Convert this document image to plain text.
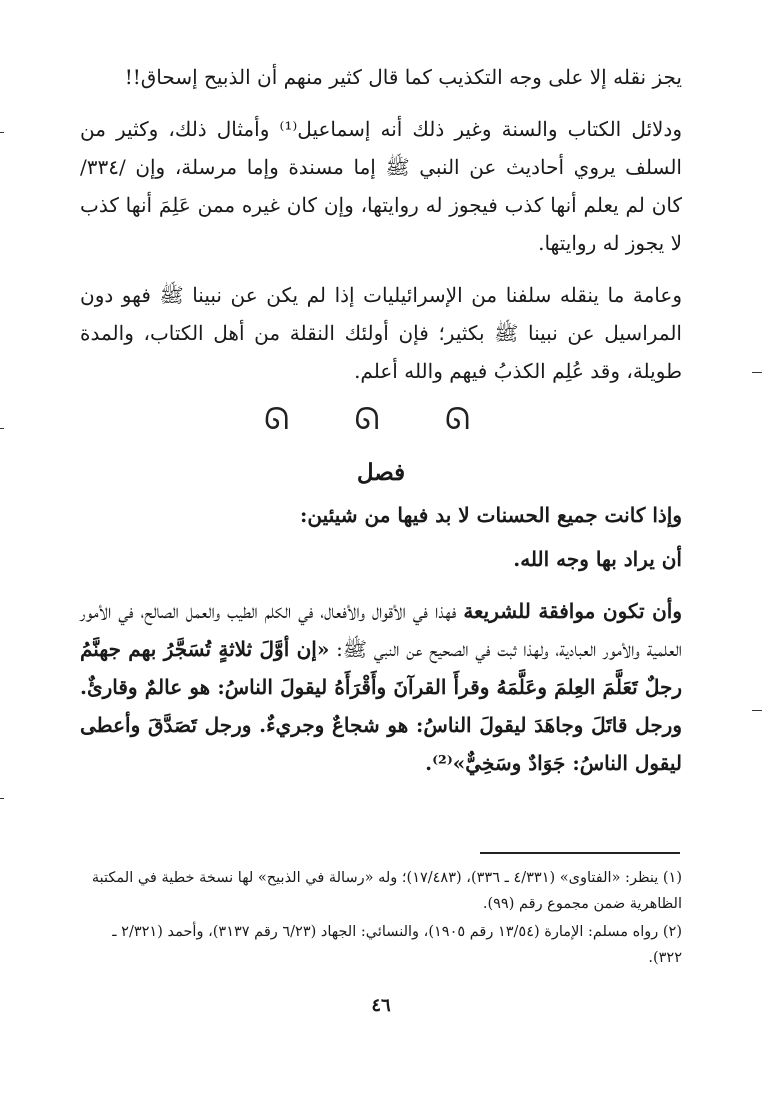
يجز نقله إلا على وجه التكذيب كما قال كثير منهم أن الذبيح إسحاق!!

ودلائل الكتاب والسنة وغير ذلك أنه إسماعيل⁽¹⁾ وأمثال ذلك، وكثير من السلف يروي أحاديث عن النبي ﷺ إما مسندة وإما مرسلة، وإن /٣٣٤/ كان لم يعلم أنها كذب فيجوز له روايتها، وإن كان غيره ممن عَلِمَ أنها كذب لا يجوز له روايتها.

وعامة ما ينقله سلفنا من الإسرائيليات إذا لم يكن عن نبينا ﷺ فهو دون المراسيل عن نبينا ﷺ بكثير؛ فإن أولئك النقلة من أهل الكتاب، والمدة طويلة، وقد عُلِم الكذبُ فيهم والله أعلم.

ᘏ ᘏ ᘏ
فصل

وإذا كانت جميع الحسنات لا بد فيها من شيئين:

أن يراد بها وجه الله.

وأن تكون موافقة للشريعة فهذا في الأقوال والأفعال، في الكلم الطيب والعمل الصالح، في الأمور العلمية والأمور العبادية، ولهذا ثبت في الصحيح عن النبي ﷺ: «إن أوَّلَ ثلاثةٍ تُسَجَّرُ بهم جهنَّمُ رجلٌ تَعَلَّمَ العِلمَ وعَلَّمَهُ وقرأَ القرآنَ وأَقْرَأَهُ ليقولَ الناسُ: هو عالمٌ وقارئٌ. ورجل قاتَلَ وجاهَدَ ليقولَ الناسُ: هو شجاعٌ وجريءٌ. ورجل تَصَدَّقَ وأعطى ليقول الناسُ: جَوَادٌ وسَخِيٌّ»⁽²⁾.

(١) ينظر: «الفتاوى» (٤/٣٣١ ـ ٣٣٦)، (١٧/٤٨٣)؛ وله «رسالة في الذبيح» لها نسخة خطية في المكتبة الظاهرية ضمن مجموع رقم (٩٩).

(٢) رواه مسلم: الإمارة (١٣/٥٤ رقم ١٩٠٥)، والنسائي: الجهاد (٦/٢٣ رقم ٣١٣٧)، وأحمد (٢/٣٢١ ـ ٣٢٢).

٤٦
